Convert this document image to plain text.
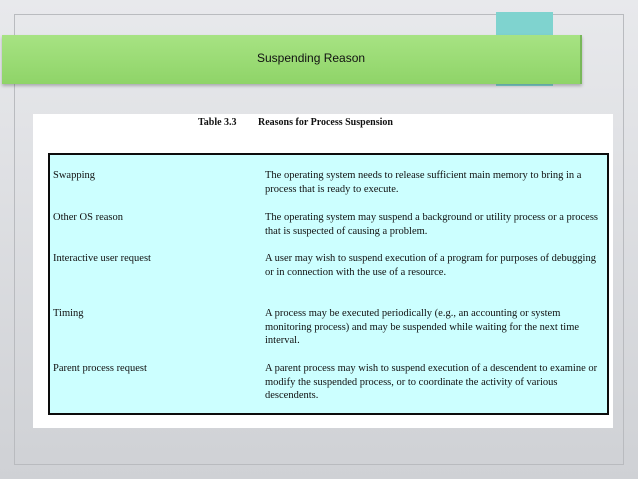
Suspending Reason
Table 3.3 Reasons for Process Suspension
Swapping	The operating system needs to release sufficient main memory to bring in a process that is ready to execute.
Other OS reason	The operating system may suspend a background or utility process or a process that is suspected of causing a problem.
Interactive user request	A user may wish to suspend execution of a program for purposes of debugging or in connection with the use of a resource.
Timing	A process may be executed periodically (e.g., an accounting or system monitoring process) and may be suspended while waiting for the next time interval.
Parent process request	A parent process may wish to suspend execution of a descendent to examine or modify the suspended process, or to coordinate the activity of various descendents.
